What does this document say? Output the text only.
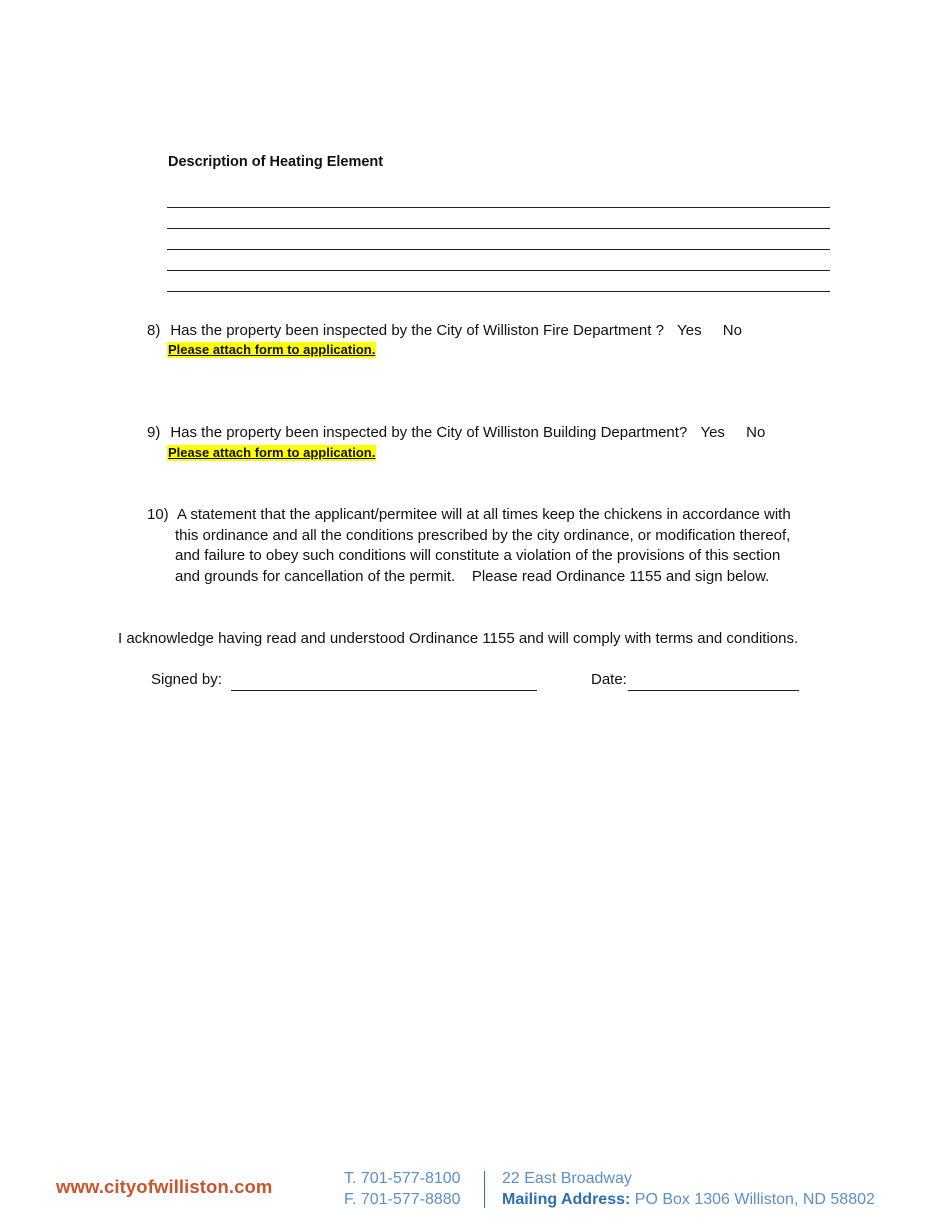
Description of Heating Element
8) Has the property been inspected by the City of Williston Fire Department ? Yes No
Please attach form to application.
9) Has the property been inspected by the City of Williston Building Department? Yes No
Please attach form to application.
10) A statement that the applicant/permitee will at all times keep the chickens in accordance with
this ordinance and all the conditions prescribed by the city ordinance, or modification thereof,
and failure to obey such conditions will constitute a violation of the provisions of this section
and grounds for cancellation of the permit.    Please read Ordinance 1155 and sign below.
I acknowledge having read and understood Ordinance 1155 and will comply with terms and conditions.
Signed by:	Date:
www.cityofwilliston.com	T. 701-577-8100
F. 701-577-8880
22 East Broadway
Mailing Address: PO Box 1306 Williston, ND 58802
